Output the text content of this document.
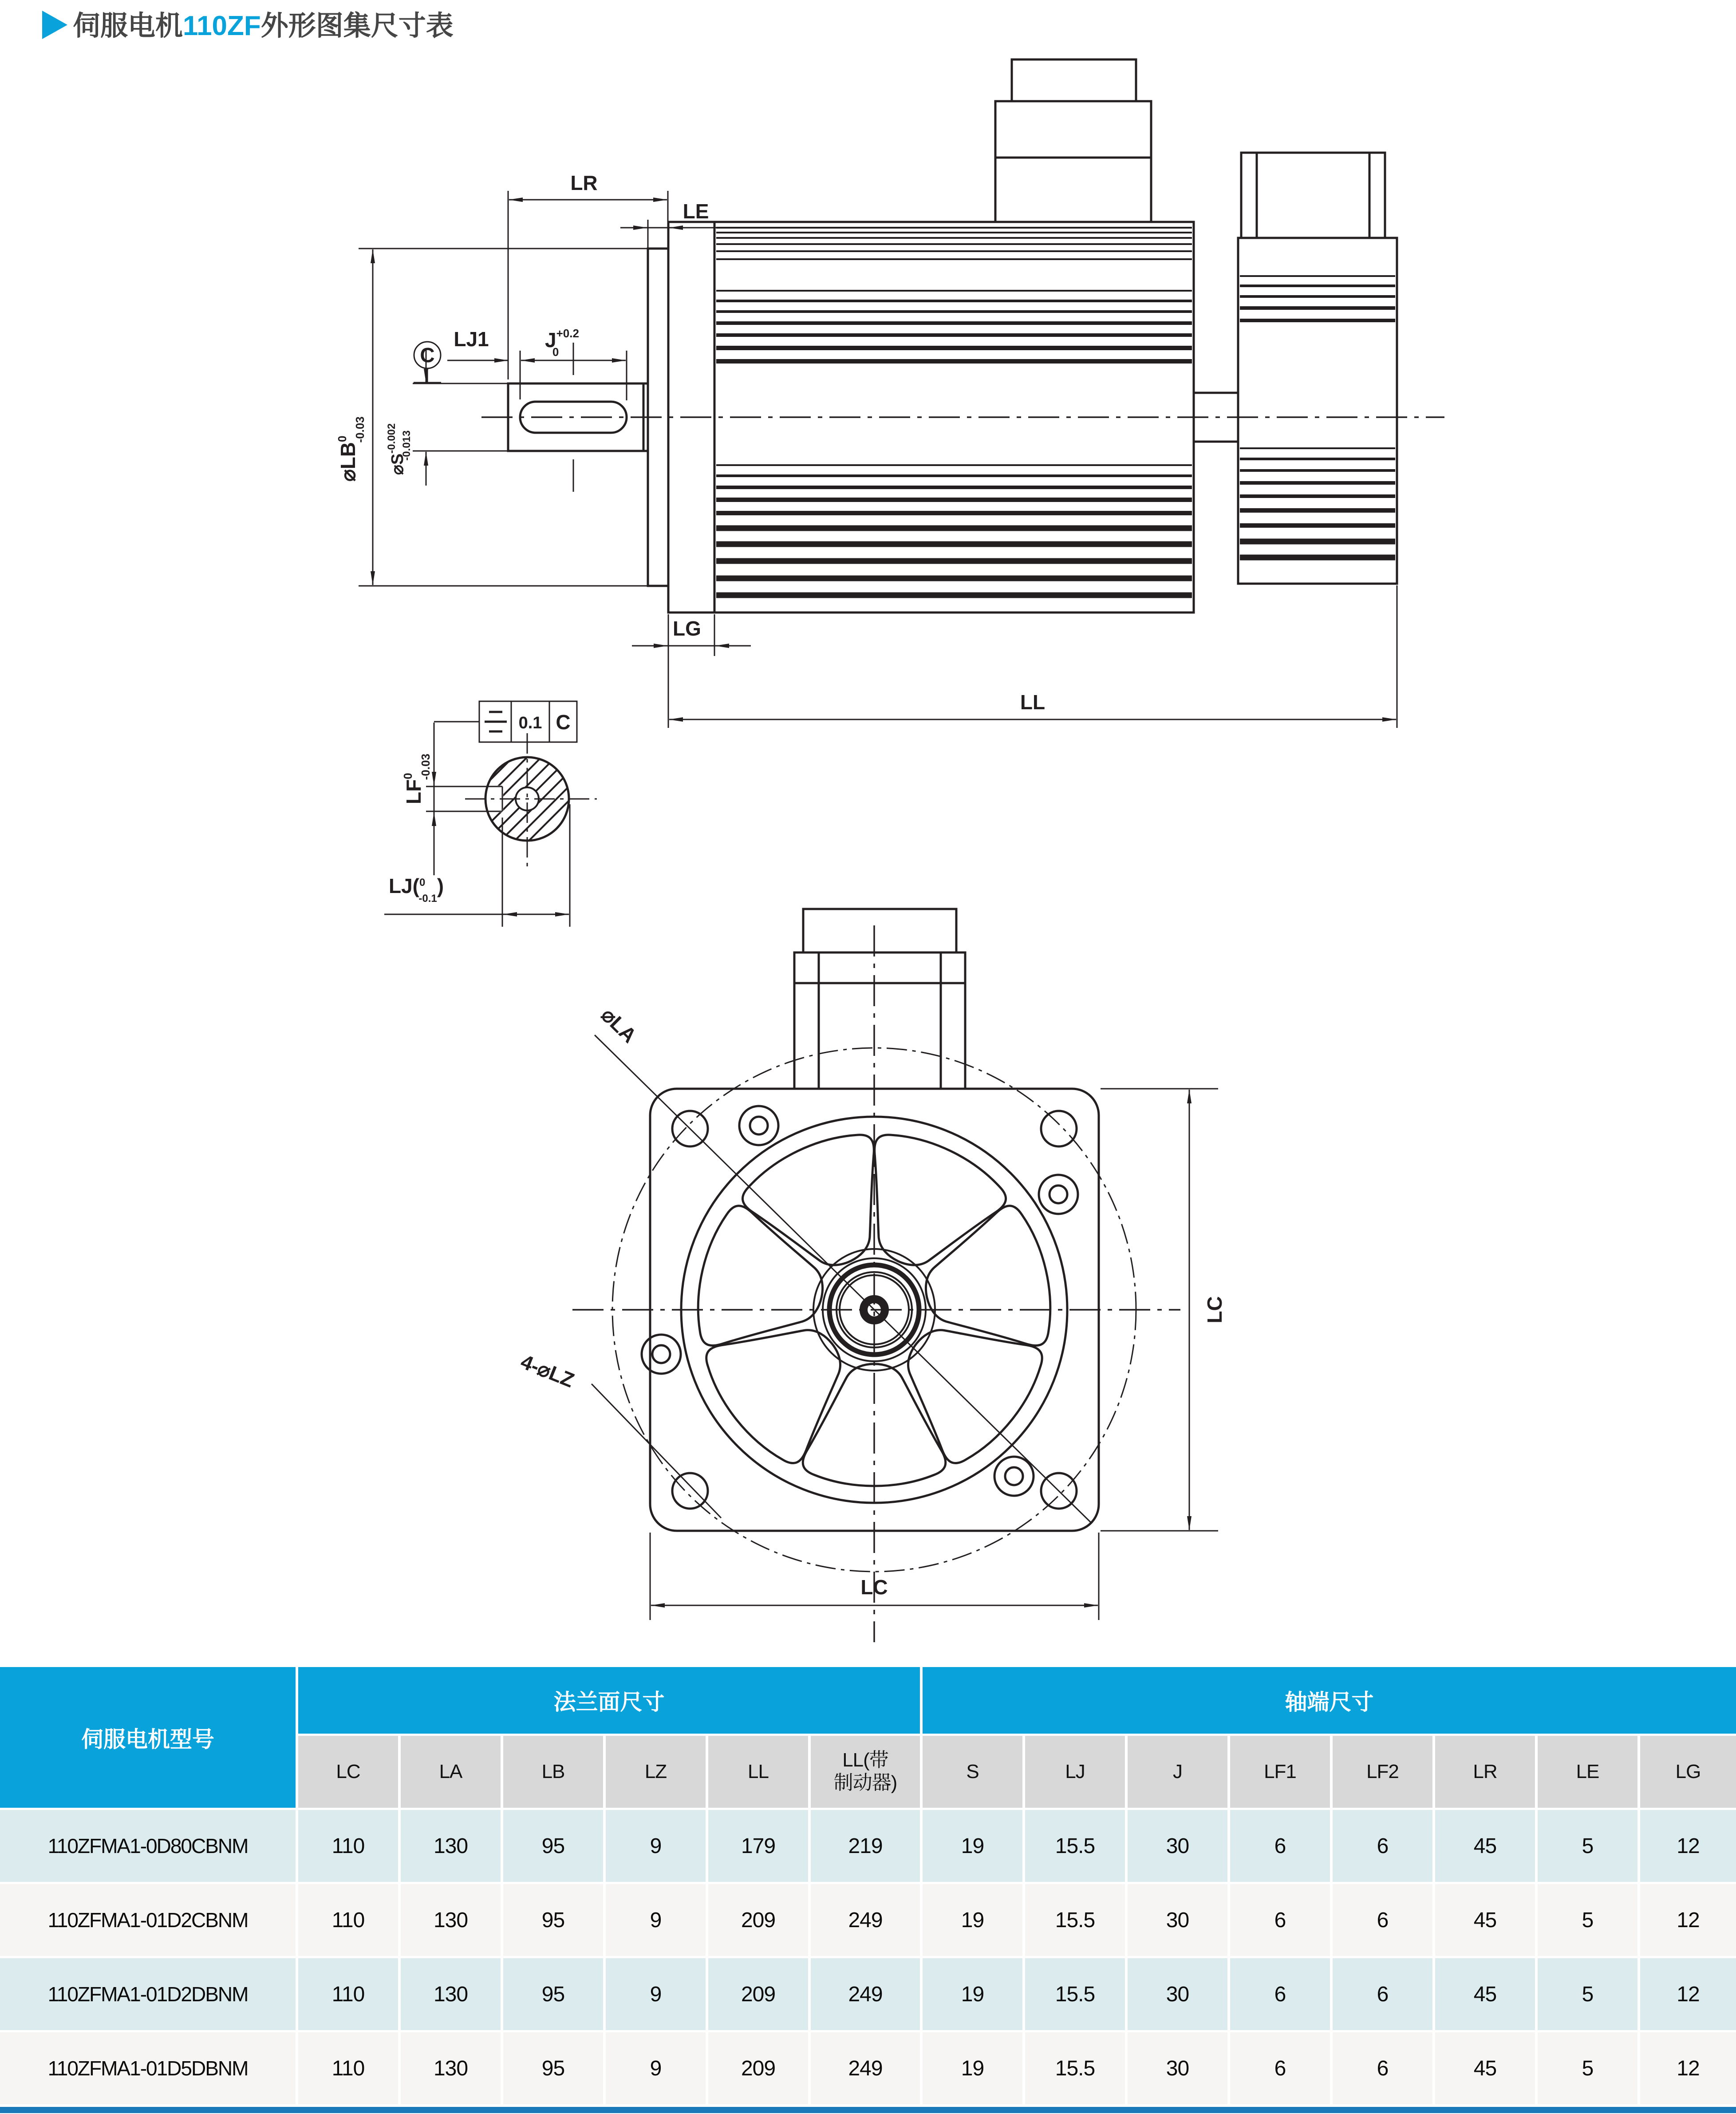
伺服电机110ZF外形图集尺寸表
LR
LE
LJ1	$J^{+0.2}$ 0
C
$⌀S^{-0.002}$ -0.013
$⌀LB^0$ -0.03
LG
LL
0.1 C
$LF^0$ -0.03
LJ($^0$ -0.1)
⌀LA
4-⌀LZ
LC
LC
伺服电机型号
法兰面尺寸	轴端尺寸
LC	LA	LB	LZ	LL
LL(带
制动器)
S	LJ	J	LF1	LF2	LR	LE	LG
110ZFMA1-0D80CBNM	110	130	95	9	179	219	19	15.5	30	6	6	45	5	12
110ZFMA1-01D2CBNM	110	130	95	9	209	249	19	15.5	30	6	6	45	5	12
110ZFMA1-01D2DBNM	110	130	95	9	209	249	19	15.5	30	6	6	45	5	12
110ZFMA1-01D5DBNM	110	130	95	9	209	249	19	15.5	30	6	6	45	5	12
